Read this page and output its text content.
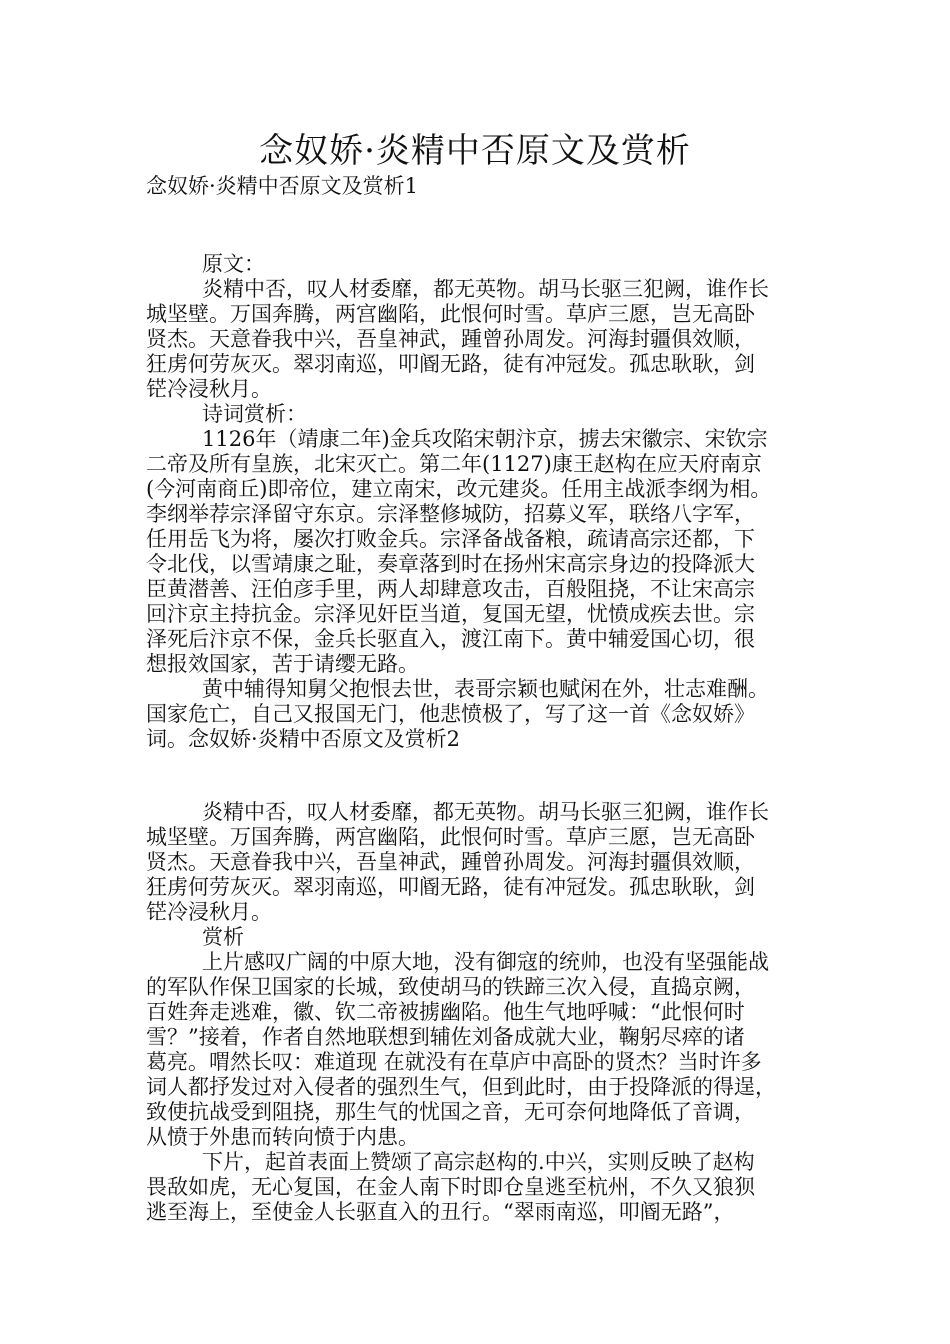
念奴娇·炎精中否原文及赏析
念奴娇·炎精中否原文及赏析1
原文：
炎精中否，叹人材委靡，都无英物。胡马长驱三犯阙，谁作长
城坚壁。万国奔腾，两宫幽陷，此恨何时雪。草庐三愿，岂无高卧
贤杰。天意眷我中兴，吾皇神武，踵曾孙周发。河海封疆俱效顺，
狂虏何劳灰灭。翠羽南巡，叩阍无路，徒有冲冠发。孤忠耿耿，剑
铓冷浸秋月。
诗词赏析：
1126年（靖康二年)金兵攻陷宋朝汴京，掳去宋徽宗、宋钦宗
二帝及所有皇族，北宋灭亡。第二年(1127)康王赵构在应天府南京
(今河南商丘)即帝位，建立南宋，改元建炎。任用主战派李纲为相。
李纲举荐宗泽留守东京。宗泽整修城防，招募义军，联络八字军，
任用岳飞为将，屡次打败金兵。宗泽备战备粮，疏请高宗还都，下
令北伐，以雪靖康之耻，奏章落到时在扬州宋高宗身边的投降派大
臣黄潜善、汪伯彦手里，两人却肆意攻击，百般阻挠，不让宋高宗
回汴京主持抗金。宗泽见奸臣当道，复国无望，忧愤成疾去世。宗
泽死后汴京不保，金兵长驱直入，渡江南下。黄中辅爱国心切，很
想报效国家，苦于请缨无路。
黄中辅得知舅父抱恨去世，表哥宗颖也赋闲在外，壮志难酬。
国家危亡，自己又报国无门，他悲愤极了，写了这一首《念奴娇》
词。念奴娇·炎精中否原文及赏析2
炎精中否，叹人材委靡，都无英物。胡马长驱三犯阙，谁作长
城坚壁。万国奔腾，两宫幽陷，此恨何时雪。草庐三愿，岂无高卧
贤杰。天意眷我中兴，吾皇神武，踵曾孙周发。河海封疆俱效顺，
狂虏何劳灰灭。翠羽南巡，叩阍无路，徒有冲冠发。孤忠耿耿，剑
铓冷浸秋月。
赏析
上片感叹广阔的中原大地，没有御寇的统帅，也没有坚强能战
的军队作保卫国家的长城，致使胡马的铁蹄三次入侵，直捣京阙，
百姓奔走逃难，徽、钦二帝被掳幽陷。他生气地呼喊：“此恨何时
雪？”接着，作者自然地联想到辅佐刘备成就大业，鞠躬尽瘁的诸
葛亮。喟然长叹：难道现 在就没有在草庐中高卧的贤杰？当时许多
词人都抒发过对入侵者的强烈生气，但到此时，由于投降派的得逞，
致使抗战受到阻挠，那生气的忧国之音，无可奈何地降低了音调，
从愤于外患而转向愤于内患。
下片，起首表面上赞颂了高宗赵构的.中兴，实则反映了赵构
畏敌如虎，无心复国，在金人南下时即仓皇逃至杭州，不久又狼狈
逃至海上，至使金人长驱直入的丑行。“翠雨南巡，叩阍无路”，
